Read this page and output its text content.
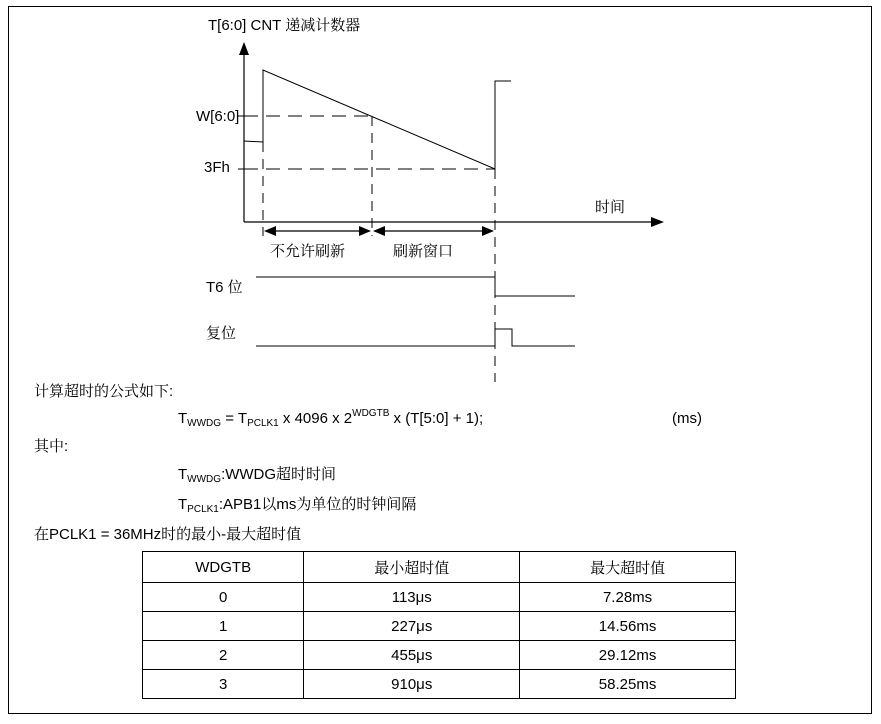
T[6:0] CNT 递减计数器
时间
W[6:0]
3Fh
不允许刷新	刷新窗口
T6 位
复位
计算超时的公式如下:
$T_{WWDG} = T_{PCLK1}$ x 4096 x $2^{WDGTB}$ x (T[5:0] + 1);	(ms)
其中:
$T_{WWDG}:WWDG$超时时间
$T_{PCLK1}:APB1$以ms为单位的时钟间隔
在PCLK1 = 36MHz时的最小-最大超时值
WDGTB	最小超时值	最大超时值
0	113μs	7.28ms
1	227μs	14.56ms
2	455μs	29.12ms
3	910μs	58.25ms
